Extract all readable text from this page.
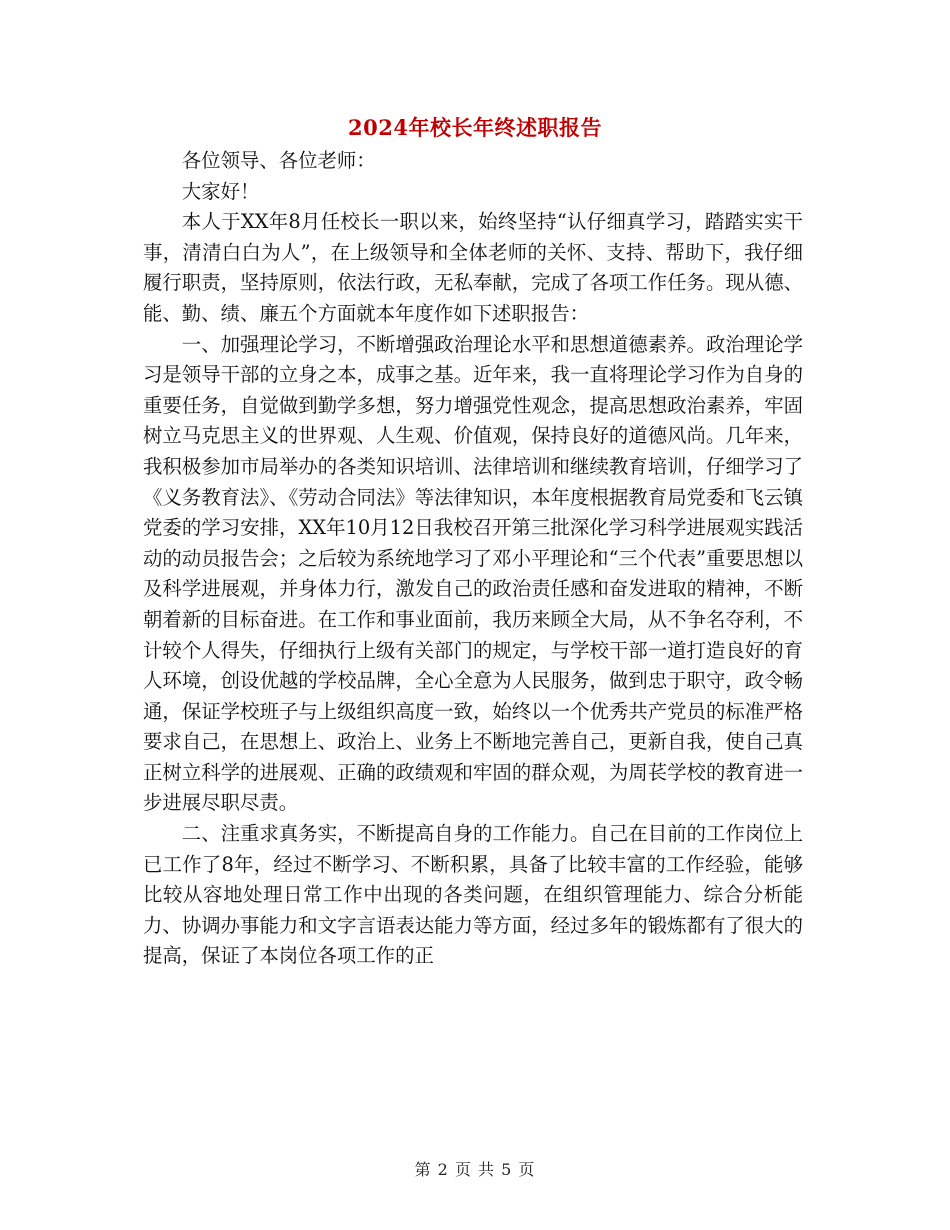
2024年校长年终述职报告

各位领导、各位老师：

大家好！

本人于XX年8月任校长一职以来，始终坚持“认仔细真学习，踏踏实实干事，清清白白为人”，在上级领导和全体老师的关怀、支持、帮助下，我仔细履行职责，坚持原则，依法行政，无私奉献，完成了各项工作任务。现从德、能、勤、绩、廉五个方面就本年度作如下述职报告：

一、加强理论学习，不断增强政治理论水平和思想道德素养。政治理论学习是领导干部的立身之本，成事之基。近年来，我一直将理论学习作为自身的重要任务，自觉做到勤学多想，努力增强党性观念，提高思想政治素养，牢固树立马克思主义的世界观、人生观、价值观，保持良好的道德风尚。几年来，我积极参加市局举办的各类知识培训、法律培训和继续教育培训，仔细学习了《义务教育法》、《劳动合同法》等法律知识，本年度根据教育局党委和飞云镇党委的学习安排，XX年10月12日我校召开第三批深化学习科学进展观实践活动的动员报告会；之后较为系统地学习了邓小平理论和“三个代表”重要思想以及科学进展观，并身体力行，激发自己的政治责任感和奋发进取的精神，不断朝着新的目标奋进。在工作和事业面前，我历来顾全大局，从不争名夺利，不计较个人得失，仔细执行上级有关部门的规定，与学校干部一道打造良好的育人环境，创设优越的学校品牌，全心全意为人民服务，做到忠于职守，政令畅通，保证学校班子与上级组织高度一致，始终以一个优秀共产党员的标准严格要求自己，在思想上、政治上、业务上不断地完善自己，更新自我，使自己真正树立科学的进展观、正确的政绩观和牢固的群众观，为周苌学校的教育进一步进展尽职尽责。

二、注重求真务实，不断提高自身的工作能力。自己在目前的工作岗位上已工作了8年，经过不断学习、不断积累，具备了比较丰富的工作经验，能够比较从容地处理日常工作中出现的各类问题，在组织管理能力、综合分析能力、协调办事能力和文字言语表达能力等方面，经过多年的锻炼都有了很大的提高，保证了本岗位各项工作的正

第 2 页 共 5 页
